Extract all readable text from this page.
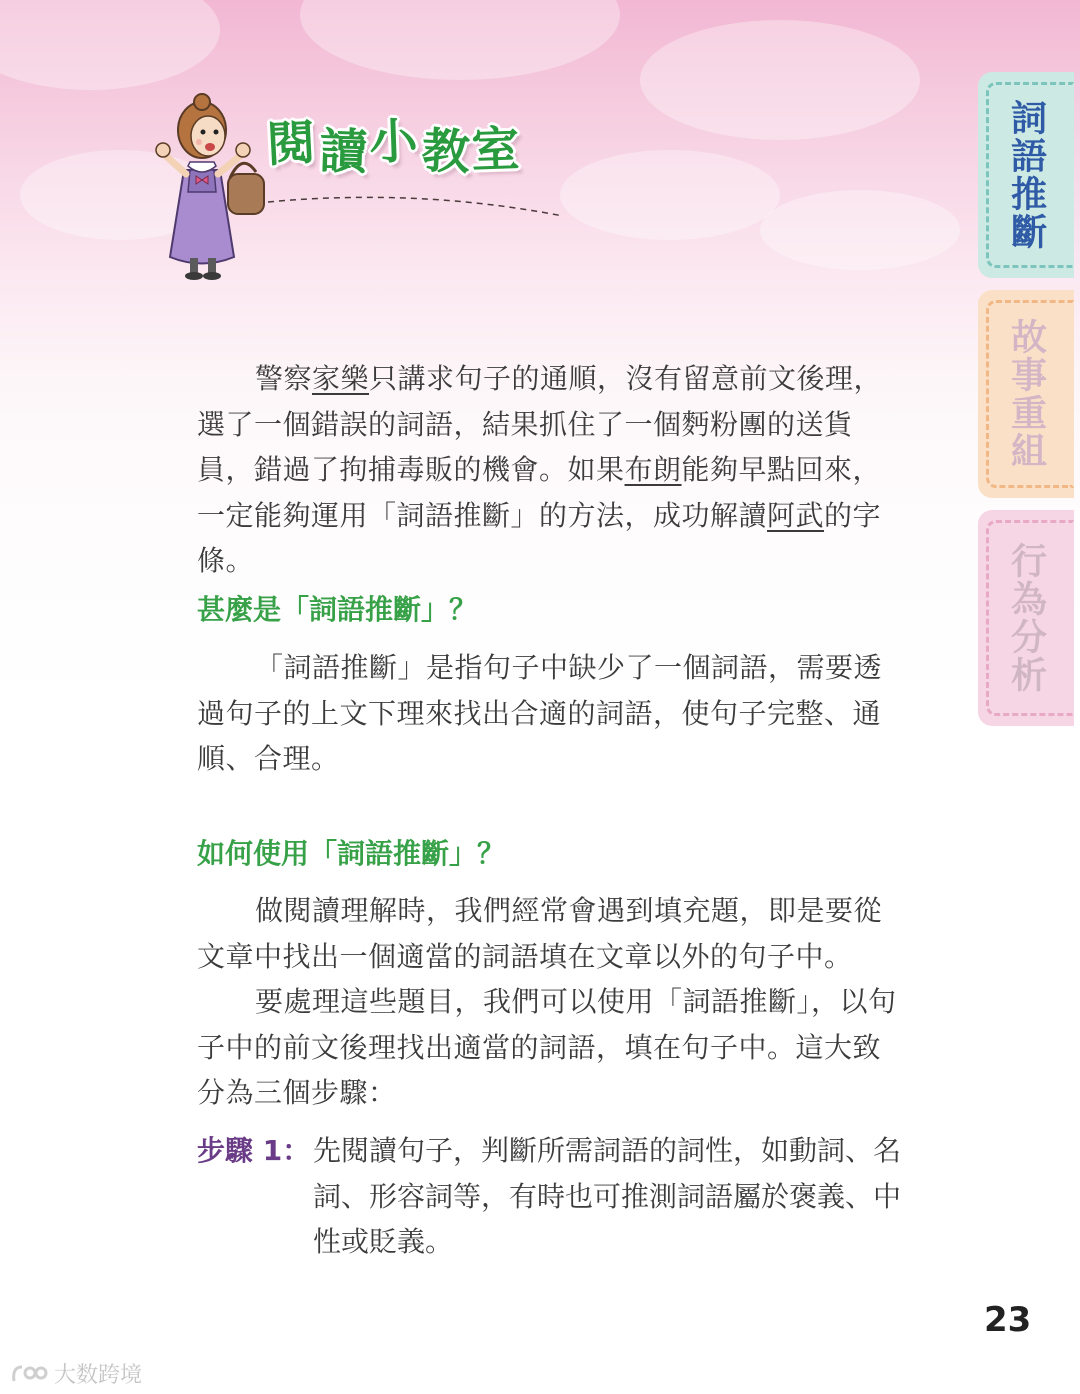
閱 讀 小 教 室	詞語推斷
故事重組
行為分析

警察家樂只講求句子的通順，沒有留意前文後理，選了一個錯誤的詞語，結果抓住了一個麪粉團的送貨員，錯過了拘捕毒販的機會。如果布朗能夠早點回來，一定能夠運用「詞語推斷」的方法，成功解讀阿武的字條。

甚麼是「詞語推斷」？

「詞語推斷」是指句子中缺少了一個詞語，需要透過句子的上文下理來找出合適的詞語，使句子完整、通順、合理。

如何使用「詞語推斷」？

做閱讀理解時，我們經常會遇到填充題，即是要從文章中找出一個適當的詞語填在文章以外的句子中。

要處理這些題目，我們可以使用「詞語推斷」，以句子中的前文後理找出適當的詞語，填在句子中。這大致分為三個步驟：

步驟 1： 先閱讀句子，判斷所需詞語的詞性，如動詞、名詞、形容詞等，有時也可推測詞語屬於褒義、中性或貶義。
23
大数跨境
